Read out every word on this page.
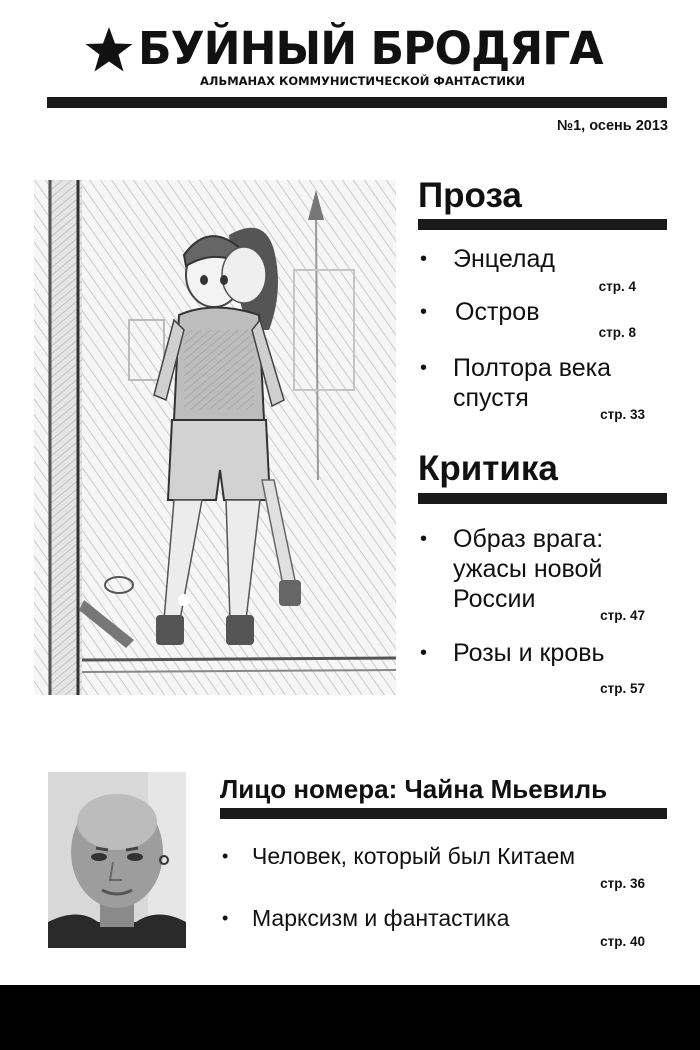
БУЙНЫЙ БРОДЯГА
АЛЬМАНАХ КОММУНИСТИЧЕСКОЙ ФАНТАСТИКИ
№1, осень 2013
Проза
• Энцелад
стр. 4
• Остров
стр. 8
• Полтора века
спустя
стр. 33
Критика
• Образ врага:
ужасы новой
России
стр. 47
• Розы и кровь
стр. 57
Лицо номера: Чайна Мьевиль
• Человек, который был Китаем
стр. 36
• Марксизм и фантастика
стр. 40
